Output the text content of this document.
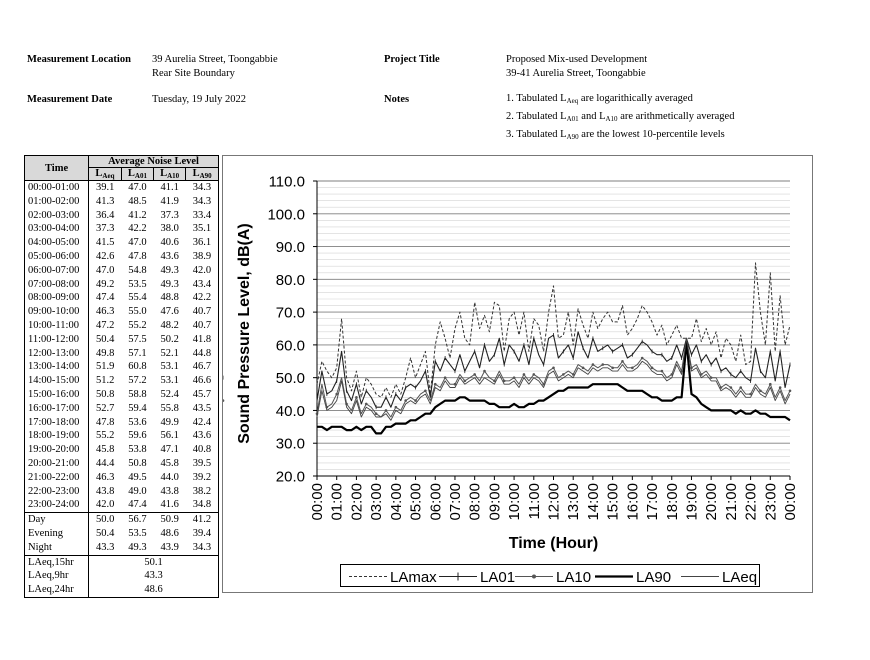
Measurement Location 39 Aurelia Street, Toongabbie
Rear Site Boundary
Measurement Date	Tuesday, 19 July 2022
Project Title	Proposed Mix-used Development
39-41 Aurelia Street, Toongabbie
Notes	1. Tabulated $L_{Aeq}$ are logarithically averaged
2. Tabulated $L_{A01}$ and $L_{A10}$ are arithmetically averaged
3. Tabulated $L_{A90}$ are the lowest 10-percentile levels
Time	Average Noise Level			
	$L_{Aeq}$	$L_{A01}$	$L_{A10}$	$L_{A90}$
00:00-01:00	39.1	47.0	41.1	34.3
01:00-02:00	41.3	48.5	41.9	34.3
02:00-03:00	36.4	41.2	37.3	33.4
03:00-04:00	37.3	42.2	38.0	35.1
04:00-05:00	41.5	47.0	40.6	36.1
05:00-06:00	42.6	47.8	43.6	38.9
06:00-07:00	47.0	54.8	49.3	42.0
07:00-08:00	49.2	53.5	49.3	43.4
08:00-09:00	47.4	55.4	48.8	42.2
09:00-10:00	46.3	55.0	47.6	40.7
10:00-11:00	47.2	55.2	48.2	40.7
11:00-12:00	50.4	57.5	50.2	41.8
12:00-13:00	49.8	57.1	52.1	44.8
13:00-14:00	51.9	60.8	53.1	46.7
14:00-15:00	51.2	57.2	53.1	46.6
15:00-16:00	50.8	58.8	52.4	45.7
16:00-17:00	52.7	59.4	55.8	43.5
17:00-18:00	47.8	53.6	49.9	42.4
18:00-19:00	55.2	59.6	56.1	43.6
19:00-20:00	45.8	53.8	47.1	40.8
20:00-21:00	44.4	50.8	45.8	39.5
21:00-22:00	46.3	49.5	44.0	39.2
22:00-23:00	43.8	49.0	43.8	38.2
23:00-24:00	42.0	47.4	41.6	34.8
Day	50.0	56.7	50.9	41.2
Evening	50.4	53.5	48.6	39.4
Night	43.3	49.3	43.9	34.3
LAeq,15hr	50.1			
LAeq,9hr	43.3			
LAeq,24hr	48.6			
20.0
30.0
40.0
50.0
60.0
70.0
80.0
90.0
100.0
110.0
00:00 01:00 02:00 03:00 04:00 05:00 06:00 07:00 08:00 09:00 10:00 11:00 12:00 13:00 14:00 15:00 16:00 17:00 18:00 19:00 20:00 21:00 22:00 23:00 00:00
Time (Hour)
Sound Pressure Level, dB(A)
LAmax	LA01	LA10	LA90	LAeq
